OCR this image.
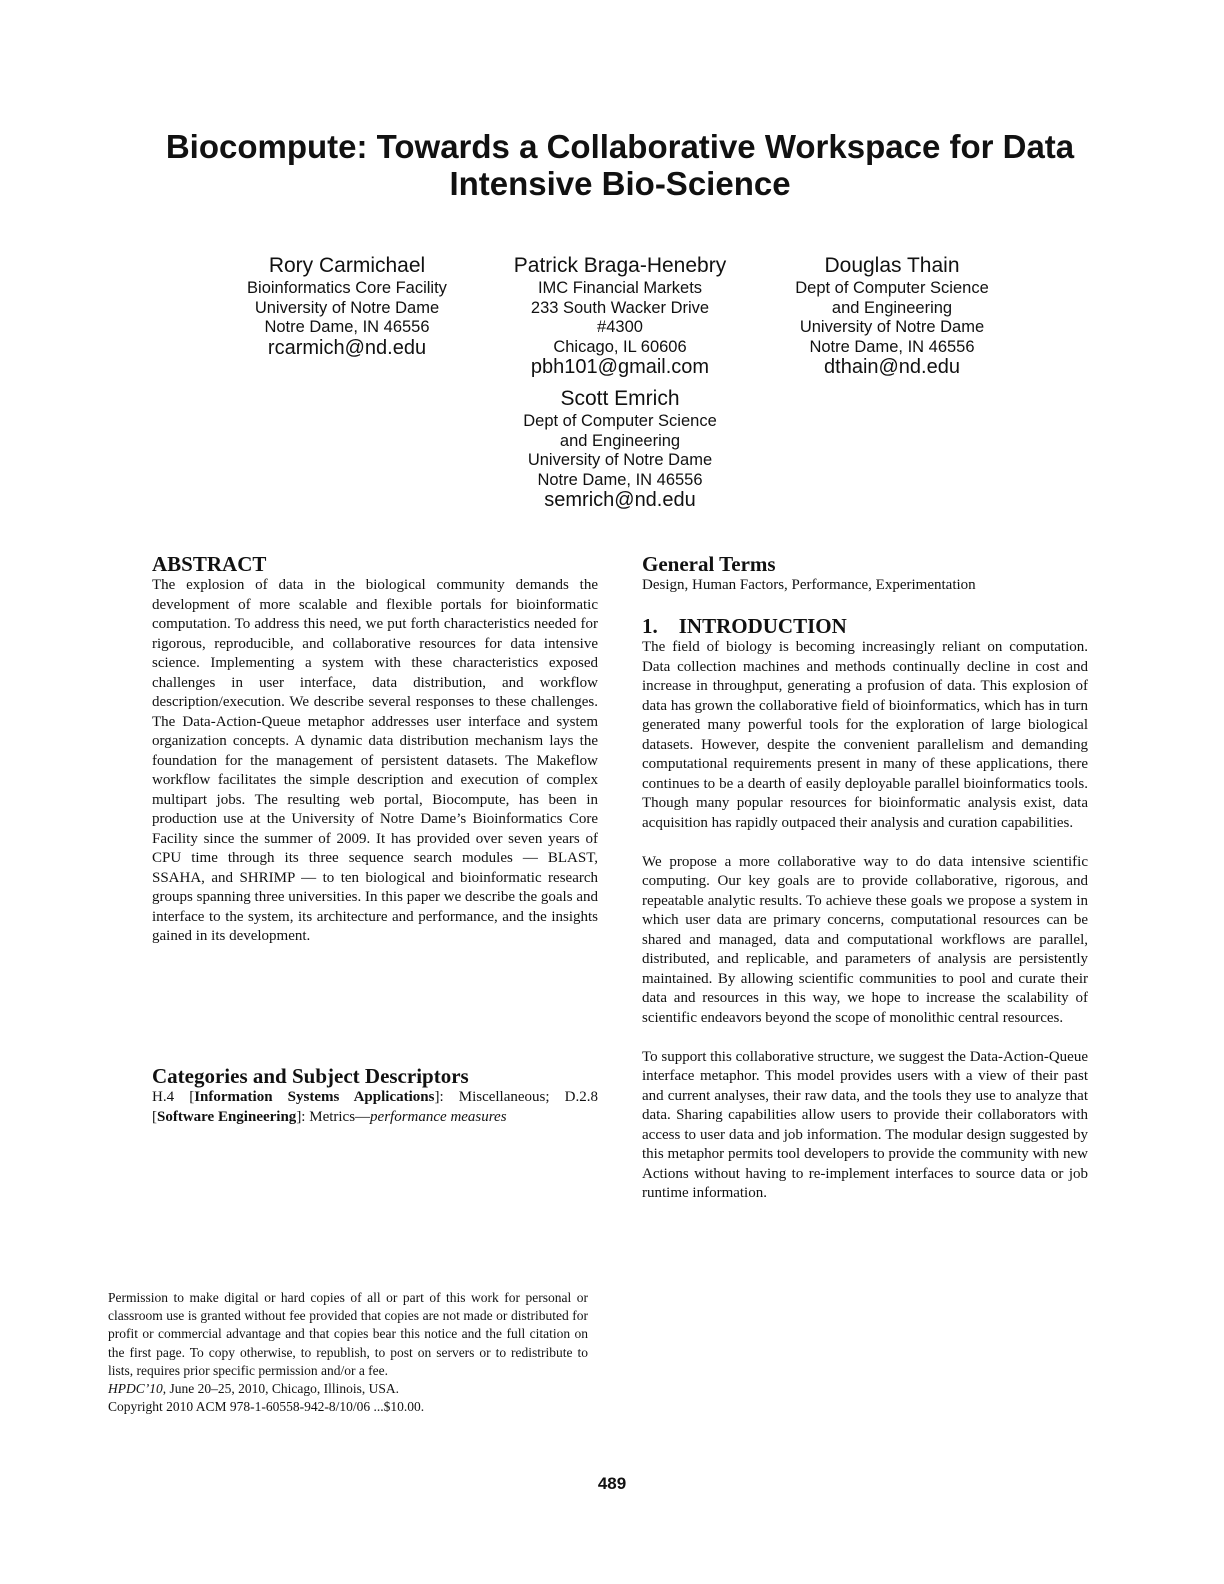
Biocompute: Towards a Collaborative Workspace for Data
Intensive Bio-Science
Rory Carmichael
Bioinformatics Core Facility
University of Notre Dame
Notre Dame, IN 46556
rcarmich@nd.edu
Patrick Braga-Henebry
IMC Financial Markets
233 South Wacker Drive
#4300
Chicago, IL 60606
pbh101@gmail.com
Douglas Thain
Dept of Computer Science
and Engineering
University of Notre Dame
Notre Dame, IN 46556
dthain@nd.edu
Scott Emrich
Dept of Computer Science
and Engineering
University of Notre Dame
Notre Dame, IN 46556
semrich@nd.edu
ABSTRACT

The explosion of data in the biological community demands the development of more scalable and flexible portals for bioinformatic computation. To address this need, we put forth characteristics needed for rigorous, reproducible, and collaborative resources for data intensive science. Implementing a system with these characteristics exposed challenges in user interface, data distribution, and workflow description/execution. We describe several responses to these challenges. The Data-Action-Queue metaphor addresses user interface and system organization concepts. A dynamic data distribution mechanism lays the foundation for the management of persistent datasets. The Makeflow workflow facilitates the simple description and execution of complex multipart jobs. The resulting web portal, Biocompute, has been in production use at the University of Notre Dame’s Bioinformatics Core Facility since the summer of 2009. It has provided over seven years of CPU time through its three sequence search modules — BLAST, SSAHA, and SHRIMP — to ten biological and bioinformatic research groups spanning three universities. In this paper we describe the goals and interface to the system, its architecture and performance, and the insights gained in its development.

Categories and Subject Descriptors

H.4 [Information Systems Applications]: Miscellaneous; D.2.8 [Software Engineering]: Metrics—performance measures

Permission to make digital or hard copies of all or part of this work for personal or classroom use is granted without fee provided that copies are not made or distributed for profit or commercial advantage and that copies bear this notice and the full citation on the first page. To copy otherwise, to republish, to post on servers or to redistribute to lists, requires prior specific permission and/or a fee.
HPDC’10, June 20–25, 2010, Chicago, Illinois, USA.
Copyright 2010 ACM 978-1-60558-942-8/10/06 ...$10.00.
General Terms

Design, Human Factors, Performance, Experimentation

1.    INTRODUCTION

The field of biology is becoming increasingly reliant on computation. Data collection machines and methods continually decline in cost and increase in throughput, generating a profusion of data. This explosion of data has grown the collaborative field of bioinformatics, which has in turn generated many powerful tools for the exploration of large biological datasets. However, despite the convenient parallelism and demanding computational requirements present in many of these applications, there continues to be a dearth of easily deployable parallel bioinformatics tools. Though many popular resources for bioinformatic analysis exist, data acquisition has rapidly outpaced their analysis and curation capabilities.

We propose a more collaborative way to do data intensive scientific computing. Our key goals are to provide collaborative, rigorous, and repeatable analytic results. To achieve these goals we propose a system in which user data are primary concerns, computational resources can be shared and managed, data and computational workflows are parallel, distributed, and replicable, and parameters of analysis are persistently maintained. By allowing scientific communities to pool and curate their data and resources in this way, we hope to increase the scalability of scientific endeavors beyond the scope of monolithic central resources.

To support this collaborative structure, we suggest the Data-Action-Queue interface metaphor. This model provides users with a view of their past and current analyses, their raw data, and the tools they use to analyze that data. Sharing capabilities allow users to provide their collaborators with access to user data and job information. The modular design suggested by this metaphor permits tool developers to provide the community with new Actions without having to re-implement interfaces to source data or job runtime information.

489
